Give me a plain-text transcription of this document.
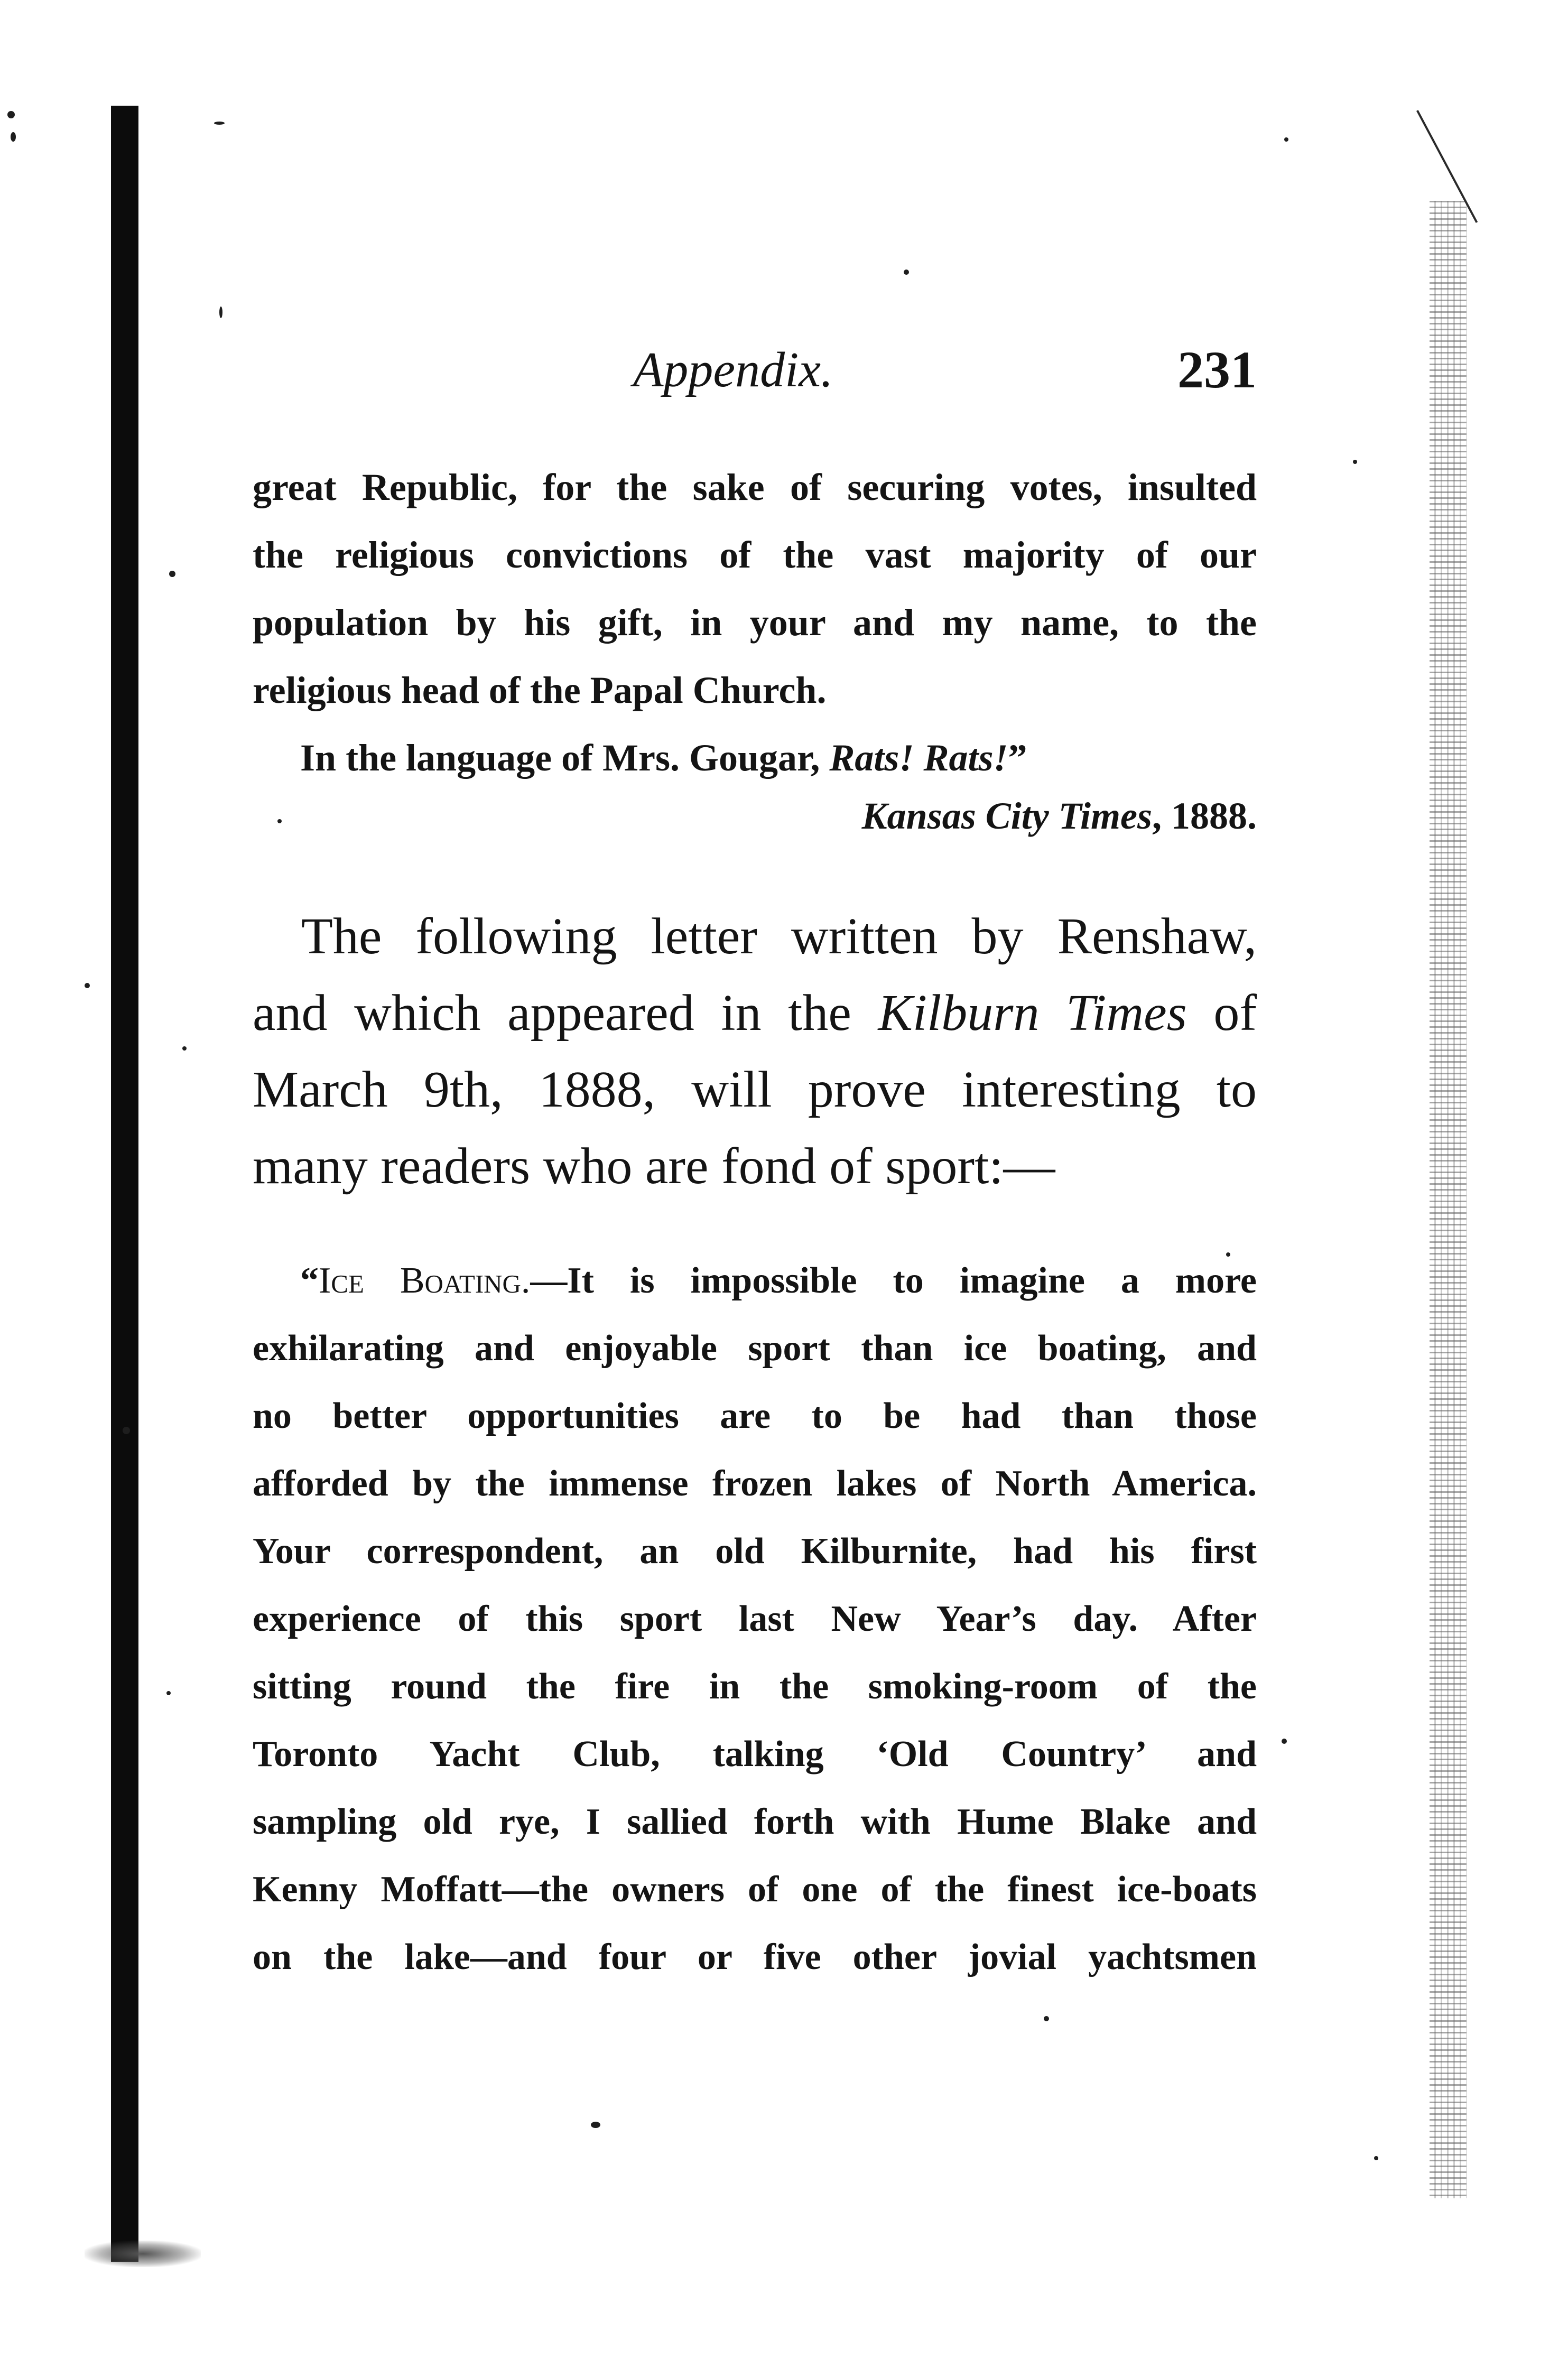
Appendix.	231
great Republic, for the sake of securing votes, insulted
the religious convictions of the vast majority of our
population by his gift, in your and my name, to the
religious head of the Papal Church.
In the language of Mrs. Gougar, Rats! Rats!”
Kansas City Times, 1888.
The following letter written by Renshaw,
and which appeared in the Kilburn Times of
March 9th, 1888, will prove interesting to
many readers who are fond of sport:—
“Ice Boating.—It is impossible to imagine a more
exhilarating and enjoyable sport than ice boating, and
no better opportunities are to be had than those
afforded by the immense frozen lakes of North America.
Your correspondent, an old Kilburnite, had his first
experience of this sport last New Year’s day. After
sitting round the fire in the smoking-room of the
Toronto Yacht Club, talking ‘Old Country’ and
sampling old rye, I sallied forth with Hume Blake and
Kenny Moffatt—the owners of one of the finest ice-boats
on the lake—and four or five other jovial yachtsmen
